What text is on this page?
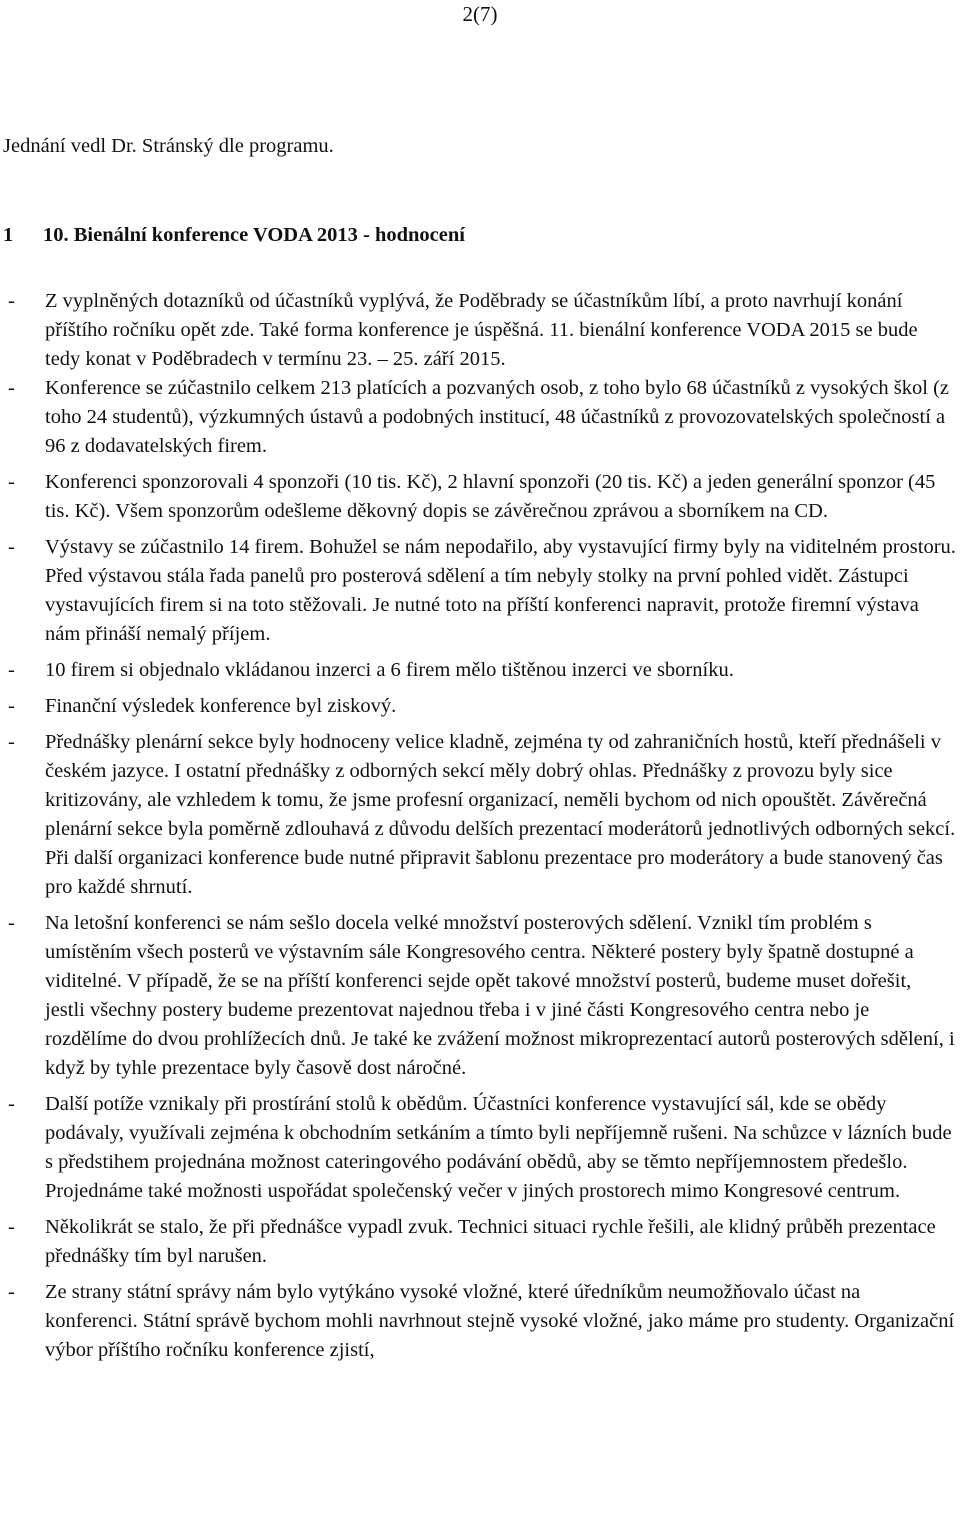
2(7)
Jednání vedl Dr. Stránský dle programu.
1 10. Bienální konference VODA 2013 - hodnocení
- Z vyplněných dotazníků od účastníků vyplývá, že Poděbrady se účastníkům líbí, a proto navrhují konání příštího ročníku opět zde. Také forma konference je úspěšná. 11. bienální konference VODA 2015 se bude tedy konat v Poděbradech v termínu 23. – 25. září 2015.
- Konference se zúčastnilo celkem 213 platících a pozvaných osob, z toho bylo 68 účastníků z vysokých škol (z toho 24 studentů), výzkumných ústavů a podobných institucí, 48 účastníků z provozovatelských společností a 96 z dodavatelských firem.
- Konferenci sponzorovali 4 sponzoři (10 tis. Kč), 2 hlavní sponzoři (20 tis. Kč) a jeden generální sponzor (45 tis. Kč). Všem sponzorům odešleme děkovný dopis se závěrečnou zprávou a sborníkem na CD.
- Výstavy se zúčastnilo 14 firem. Bohužel se nám nepodařilo, aby vystavující firmy byly na viditelném prostoru. Před výstavou stála řada panelů pro posterová sdělení a tím nebyly stolky na první pohled vidět. Zástupci vystavujících firem si na toto stěžovali. Je nutné toto na příští konferenci napravit, protože firemní výstava nám přináší nemalý příjem.
- 10 firem si objednalo vkládanou inzerci a 6 firem mělo tištěnou inzerci ve sborníku.
- Finanční výsledek konference byl ziskový.
- Přednášky plenární sekce byly hodnoceny velice kladně, zejména ty od zahraničních hostů, kteří přednášeli v českém jazyce. I ostatní přednášky z odborných sekcí měly dobrý ohlas. Přednášky z provozu byly sice kritizovány, ale vzhledem k tomu, že jsme profesní organizací, neměli bychom od nich opouštět. Závěrečná plenární sekce byla poměrně zdlouhavá z důvodu delších prezentací moderátorů jednotlivých odborných sekcí. Při další organizaci konference bude nutné připravit šablonu prezentace pro moderátory a bude stanovený čas pro každé shrnutí.
- Na letošní konferenci se nám sešlo docela velké množství posterových sdělení. Vznikl tím problém s umístěním všech posterů ve výstavním sále Kongresového centra. Některé postery byly špatně dostupné a viditelné. V případě, že se na příští konferenci sejde opět takové množství posterů, budeme muset dořešit, jestli všechny postery budeme prezentovat najednou třeba i v jiné části Kongresového centra nebo je rozdělíme do dvou prohlížecích dnů. Je také ke zvážení možnost mikroprezentací autorů posterových sdělení, i když by tyhle prezentace byly časově dost náročné.
- Další potíže vznikaly při prostírání stolů k obědům. Účastníci konference vystavující sál, kde se obědy podávaly, využívali zejména k obchodním setkáním a tímto byli nepříjemně rušeni. Na schůzce v lázních bude s předstihem projednána možnost cateringového podávání obědů, aby se těmto nepříjemnostem předešlo. Projednáme také možnosti uspořádat společenský večer v jiných prostorech mimo Kongresové centrum.
- Několikrát se stalo, že při přednášce vypadl zvuk. Technici situaci rychle řešili, ale klidný průběh prezentace přednášky tím byl narušen.
- Ze strany státní správy nám bylo vytýkáno vysoké vložné, které úředníkům neumožňovalo účast na konferenci. Státní správě bychom mohli navrhnout stejně vysoké vložné, jako máme pro studenty. Organizační výbor příštího ročníku konference zjistí,
